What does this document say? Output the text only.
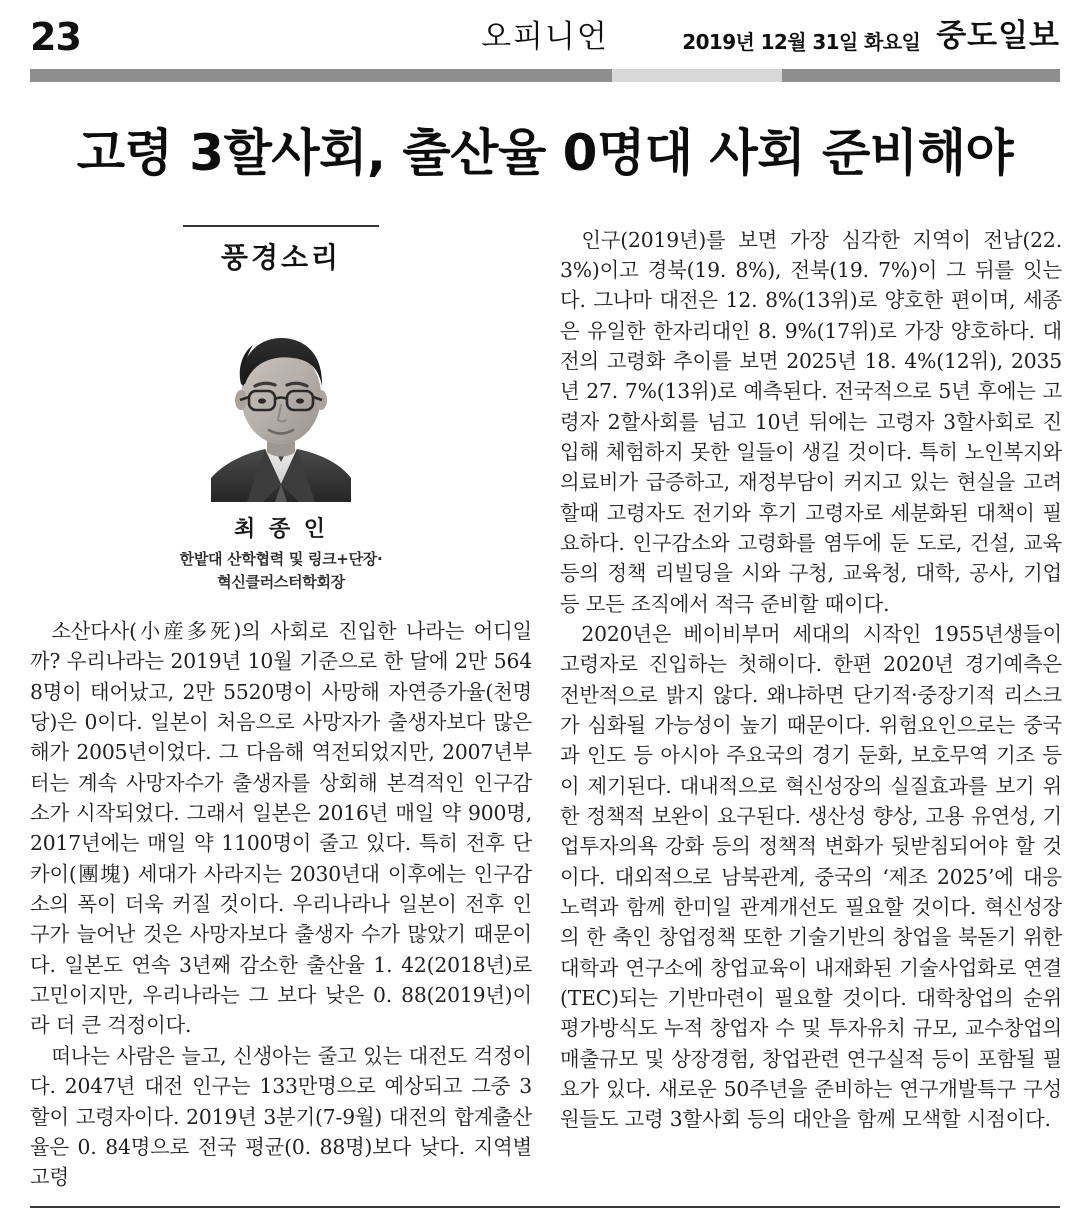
23	오피니언	2019년 12월 31일 화요일 중도일보
고령 3할사회, 출산율 0명대 사회 준비해야
풍경소리
최 종 인
한밭대 산학협력 및 링크+단장·
혁신클러스터학회장

소산다사(小産多死)의 사회로 진입한 나라는 어디일까? 우리나라는 2019년 10월 기준으로 한 달에 2만 5648명이 태어났고, 2만 5520명이 사망해 자연증가율(천명당)은 0이다. 일본이 처음으로 사망자가 출생자보다 많은 해가 2005년이었다. 그 다음해 역전되었지만, 2007년부터는 계속 사망자수가 출생자를 상회해 본격적인 인구감소가 시작되었다. 그래서 일본은 2016년 매일 약 900명, 2017년에는 매일 약 1100명이 줄고 있다. 특히 전후 단카이(團塊) 세대가 사라지는 2030년대 이후에는 인구감소의 폭이 더욱 커질 것이다. 우리나라나 일본이 전후 인구가 늘어난 것은 사망자보다 출생자 수가 많았기 때문이다. 일본도 연속 3년째 감소한 출산율 1. 42(2018년)로 고민이지만, 우리나라는 그 보다 낮은 0. 88(2019년)이라 더 큰 걱정이다.

떠나는 사람은 늘고, 신생아는 줄고 있는 대전도 걱정이다. 2047년 대전 인구는 133만명으로 예상되고 그중 3할이 고령자이다. 2019년 3분기(7-9월) 대전의 합계출산율은 0. 84명으로 전국 평균(0. 88명)보다 낮다. 지역별 고령

인구(2019년)를 보면 가장 심각한 지역이 전남(22. 3%)이고 경북(19. 8%), 전북(19. 7%)이 그 뒤를 잇는다. 그나마 대전은 12. 8%(13위)로 양호한 편이며, 세종은 유일한 한자리대인 8. 9%(17위)로 가장 양호하다. 대전의 고령화 추이를 보면 2025년 18. 4%(12위), 2035년 27. 7%(13위)로 예측된다. 전국적으로 5년 후에는 고령자 2할사회를 넘고 10년 뒤에는 고령자 3할사회로 진입해 체험하지 못한 일들이 생길 것이다. 특히 노인복지와 의료비가 급증하고, 재정부담이 커지고 있는 현실을 고려할때 고령자도 전기와 후기 고령자로 세분화된 대책이 필요하다. 인구감소와 고령화를 염두에 둔 도로, 건설, 교육 등의 정책 리빌딩을 시와 구청, 교육청, 대학, 공사, 기업 등 모든 조직에서 적극 준비할 때이다.

2020년은 베이비부머 세대의 시작인 1955년생들이 고령자로 진입하는 첫해이다. 한편 2020년 경기예측은 전반적으로 밝지 않다. 왜냐하면 단기적·중장기적 리스크가 심화될 가능성이 높기 때문이다. 위험요인으로는 중국과 인도 등 아시아 주요국의 경기 둔화, 보호무역 기조 등이 제기된다. 대내적으로 혁신성장의 실질효과를 보기 위한 정책적 보완이 요구된다. 생산성 향상, 고용 유연성, 기업투자의욕 강화 등의 정책적 변화가 뒷받침되어야 할 것이다. 대외적으로 남북관계, 중국의 ‘제조 2025’에 대응 노력과 함께 한미일 관계개선도 필요할 것이다. 혁신성장의 한 축인 창업정책 또한 기술기반의 창업을 북돋기 위한 대학과 연구소에 창업교육이 내재화된 기술사업화로 연결(TEC)되는 기반마련이 필요할 것이다. 대학창업의 순위 평가방식도 누적 창업자 수 및 투자유치 규모, 교수창업의 매출규모 및 상장경험, 창업관련 연구실적 등이 포함될 필요가 있다. 새로운 50주년을 준비하는 연구개발특구 구성원들도 고령 3할사회 등의 대안을 함께 모색할 시점이다.
